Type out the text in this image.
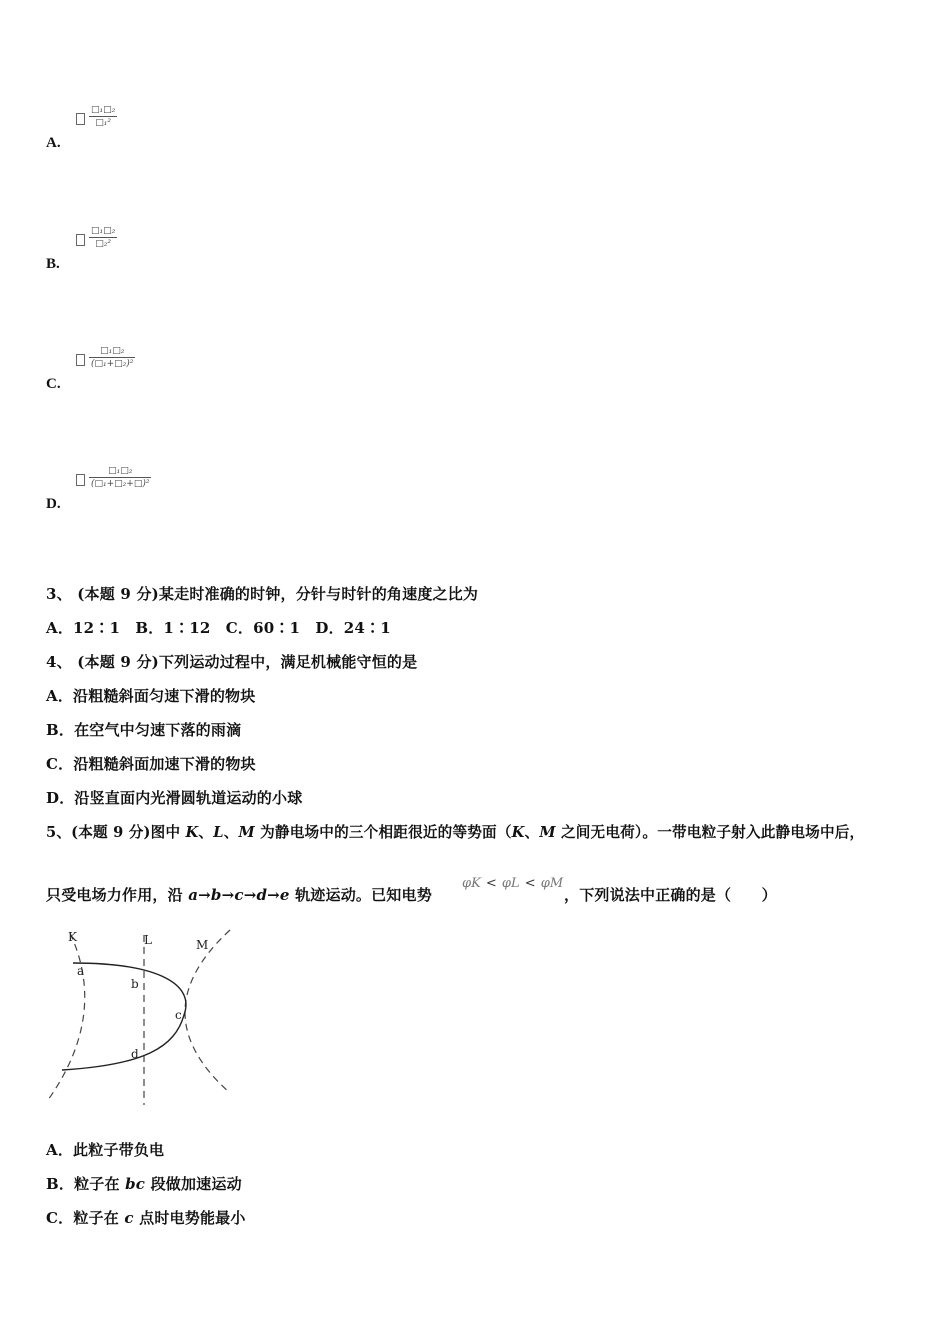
A.
$\frac{\text{□₁□₂}}{\text{□₁²}}$
B.
$\frac{\text{□₁□₂}}{\text{□₂²}}$
C.
$\frac{\text{□₁□₂}}{\text{(□₁+□₂)²}}$
D.
$\frac{\text{□₁□₂}}{\text{(□₁+□₂+□)²}}$
3、 (本题 9 分)某走时准确的时钟，分针与时针的角速度之比为
A．12∶1　B．1∶12　C．60∶1　D．24∶1
4、 (本题 9 分)下列运动过程中，满足机械能守恒的是
A．沿粗糙斜面匀速下滑的物块
B．在空气中匀速下落的雨滴
C．沿粗糙斜面加速下滑的物块
D．沿竖直面内光滑圆轨道运动的小球
5、(本题 9 分)图中 K、L、M 为静电场中的三个相距很近的等势面（K、M 之间无电荷）。一带电粒子射入此静电场中后，
只受电场力作用，沿 a→b→c→d→e 轨迹运动。已知电势
φK < φL < φM
，下列说法中正确的是（　　）
K	L	M
a
b
c
d
A．此粒子带负电
B．粒子在 bc 段做加速运动
C．粒子在 c 点时电势能最小
